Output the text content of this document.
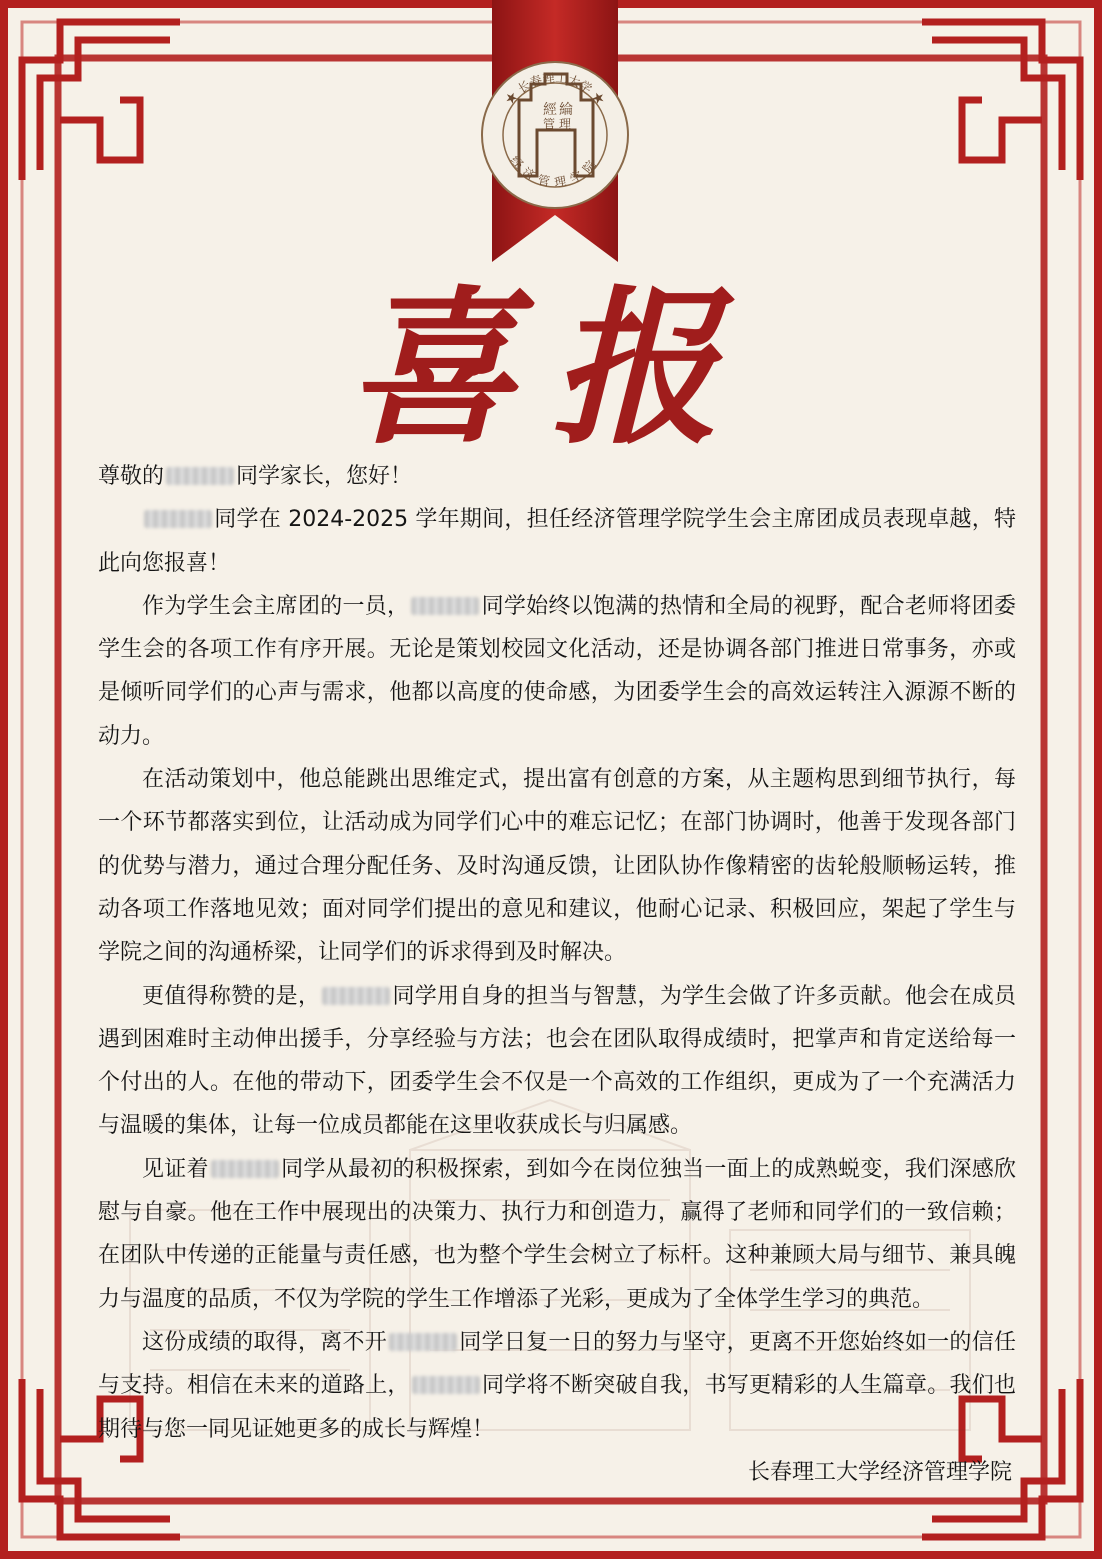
★ 长春理工大学 ★
经济管理学院
經 綸
管 理
喜报

尊敬的	同学家长，您好！

同学在 2024-2025 学年期间，担任经济管理学院学生会主席团成员表现卓越，特此向您报喜！

作为学生会主席团的一员，	同学始终以饱满的热情和全局的视野，配合老师将团委学生会的各项工作有序开展。无论是策划校园文化活动，还是协调各部门推进日常事务，亦或是倾听同学们的心声与需求，他都以高度的使命感，为团委学生会的高效运转注入源源不断的动力。

在活动策划中，他总能跳出思维定式，提出富有创意的方案，从主题构思到细节执行，每一个环节都落实到位，让活动成为同学们心中的难忘记忆；在部门协调时，他善于发现各部门的优势与潜力，通过合理分配任务、及时沟通反馈，让团队协作像精密的齿轮般顺畅运转，推动各项工作落地见效；面对同学们提出的意见和建议，他耐心记录、积极回应，架起了学生与学院之间的沟通桥梁，让同学们的诉求得到及时解决。

更值得称赞的是，	同学用自身的担当与智慧，为学生会做了许多贡献。他会在成员遇到困难时主动伸出援手，分享经验与方法；也会在团队取得成绩时，把掌声和肯定送给每一个付出的人。在他的带动下，团委学生会不仅是一个高效的工作组织，更成为了一个充满活力与温暖的集体，让每一位成员都能在这里收获成长与归属感。

见证着	同学从最初的积极探索，到如今在岗位独当一面上的成熟蜕变，我们深感欣慰与自豪。他在工作中展现出的决策力、执行力和创造力，赢得了老师和同学们的一致信赖；在团队中传递的正能量与责任感，也为整个学生会树立了标杆。这种兼顾大局与细节、兼具魄力与温度的品质，不仅为学院的学生工作增添了光彩，更成为了全体学生学习的典范。

这份成绩的取得，离不开	同学日复一日的努力与坚守，更离不开您始终如一的信任与支持。相信在未来的道路上，	同学将不断突破自我，书写更精彩的人生篇章。我们也期待与您一同见证她更多的成长与辉煌！

长春理工大学经济管理学院
